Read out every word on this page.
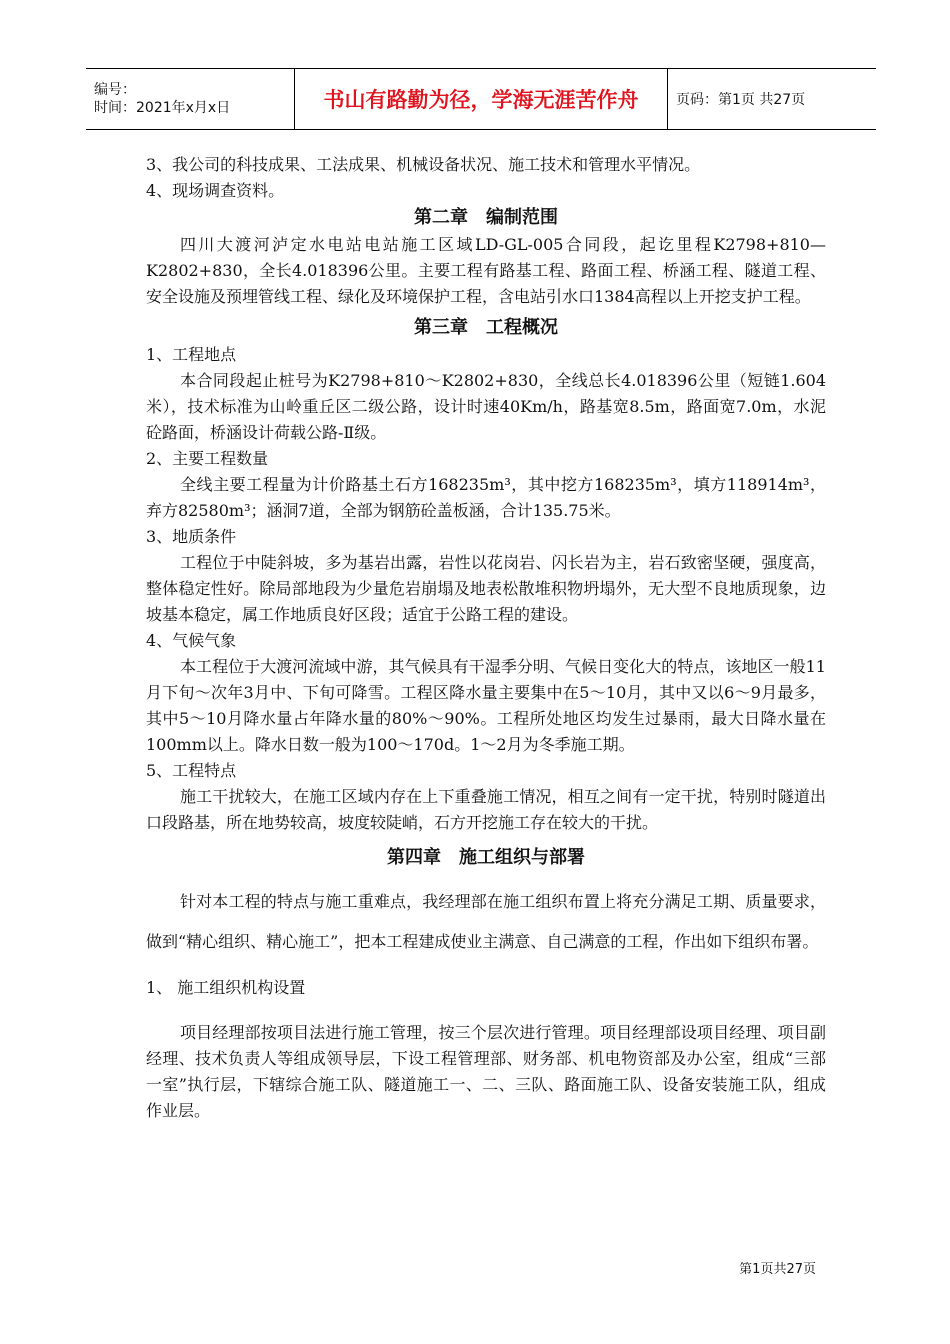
编号：
时间：2021年x月x日	书山有路勤为径，学海无涯苦作舟	页码：第1页 共27页

3、我公司的科技成果、工法成果、机械设备状况、施工技术和管理水平情况。

4、现场调查资料。

第二章　编制范围

四川大渡河泸定水电站电站施工区域LD-GL-005合同段，起讫里程K2798+810—K2802+830，全长4.018396公里。主要工程有路基工程、路面工程、桥涵工程、隧道工程、安全设施及预埋管线工程、绿化及环境保护工程，含电站引水口1384高程以上开挖支护工程。

第三章　工程概况

1、工程地点

本合同段起止桩号为K2798+810～K2802+830，全线总长4.018396公里（短链1.604米），技术标准为山岭重丘区二级公路，设计时速40Km/h，路基宽8.5m，路面宽7.0m，水泥砼路面，桥涵设计荷载公路-Ⅱ级。

2、主要工程数量

全线主要工程量为计价路基土石方168235m³，其中挖方168235m³，填方118914m³，弃方82580m³；涵洞7道，全部为钢筋砼盖板涵，合计135.75米。

3、地质条件

工程位于中陡斜坡，多为基岩出露，岩性以花岗岩、闪长岩为主，岩石致密坚硬，强度高，整体稳定性好。除局部地段为少量危岩崩塌及地表松散堆积物坍塌外，无大型不良地质现象，边坡基本稳定，属工作地质良好区段；适宜于公路工程的建设。

4、气候气象

本工程位于大渡河流域中游，其气候具有干湿季分明、气候日变化大的特点，该地区一般11月下旬～次年3月中、下旬可降雪。工程区降水量主要集中在5～10月，其中又以6～9月最多，其中5～10月降水量占年降水量的80%～90%。工程所处地区均发生过暴雨，最大日降水量在100mm以上。降水日数一般为100～170d。1～2月为冬季施工期。

5、工程特点

施工干扰较大，在施工区域内存在上下重叠施工情况，相互之间有一定干扰，特别时隧道出口段路基，所在地势较高，坡度较陡峭，石方开挖施工存在较大的干扰。

第四章　施工组织与部署

针对本工程的特点与施工重难点，我经理部在施工组织布置上将充分满足工期、质量要求，做到“精心组织、精心施工”，把本工程建成使业主满意、自己满意的工程，作出如下组织布署。

1、 施工组织机构设置

项目经理部按项目法进行施工管理，按三个层次进行管理。项目经理部设项目经理、项目副经理、技术负责人等组成领导层，下设工程管理部、财务部、机电物资部及办公室，组成“三部一室”执行层，下辖综合施工队、隧道施工一、二、三队、路面施工队、设备安装施工队，组成作业层。

第1页共27页
